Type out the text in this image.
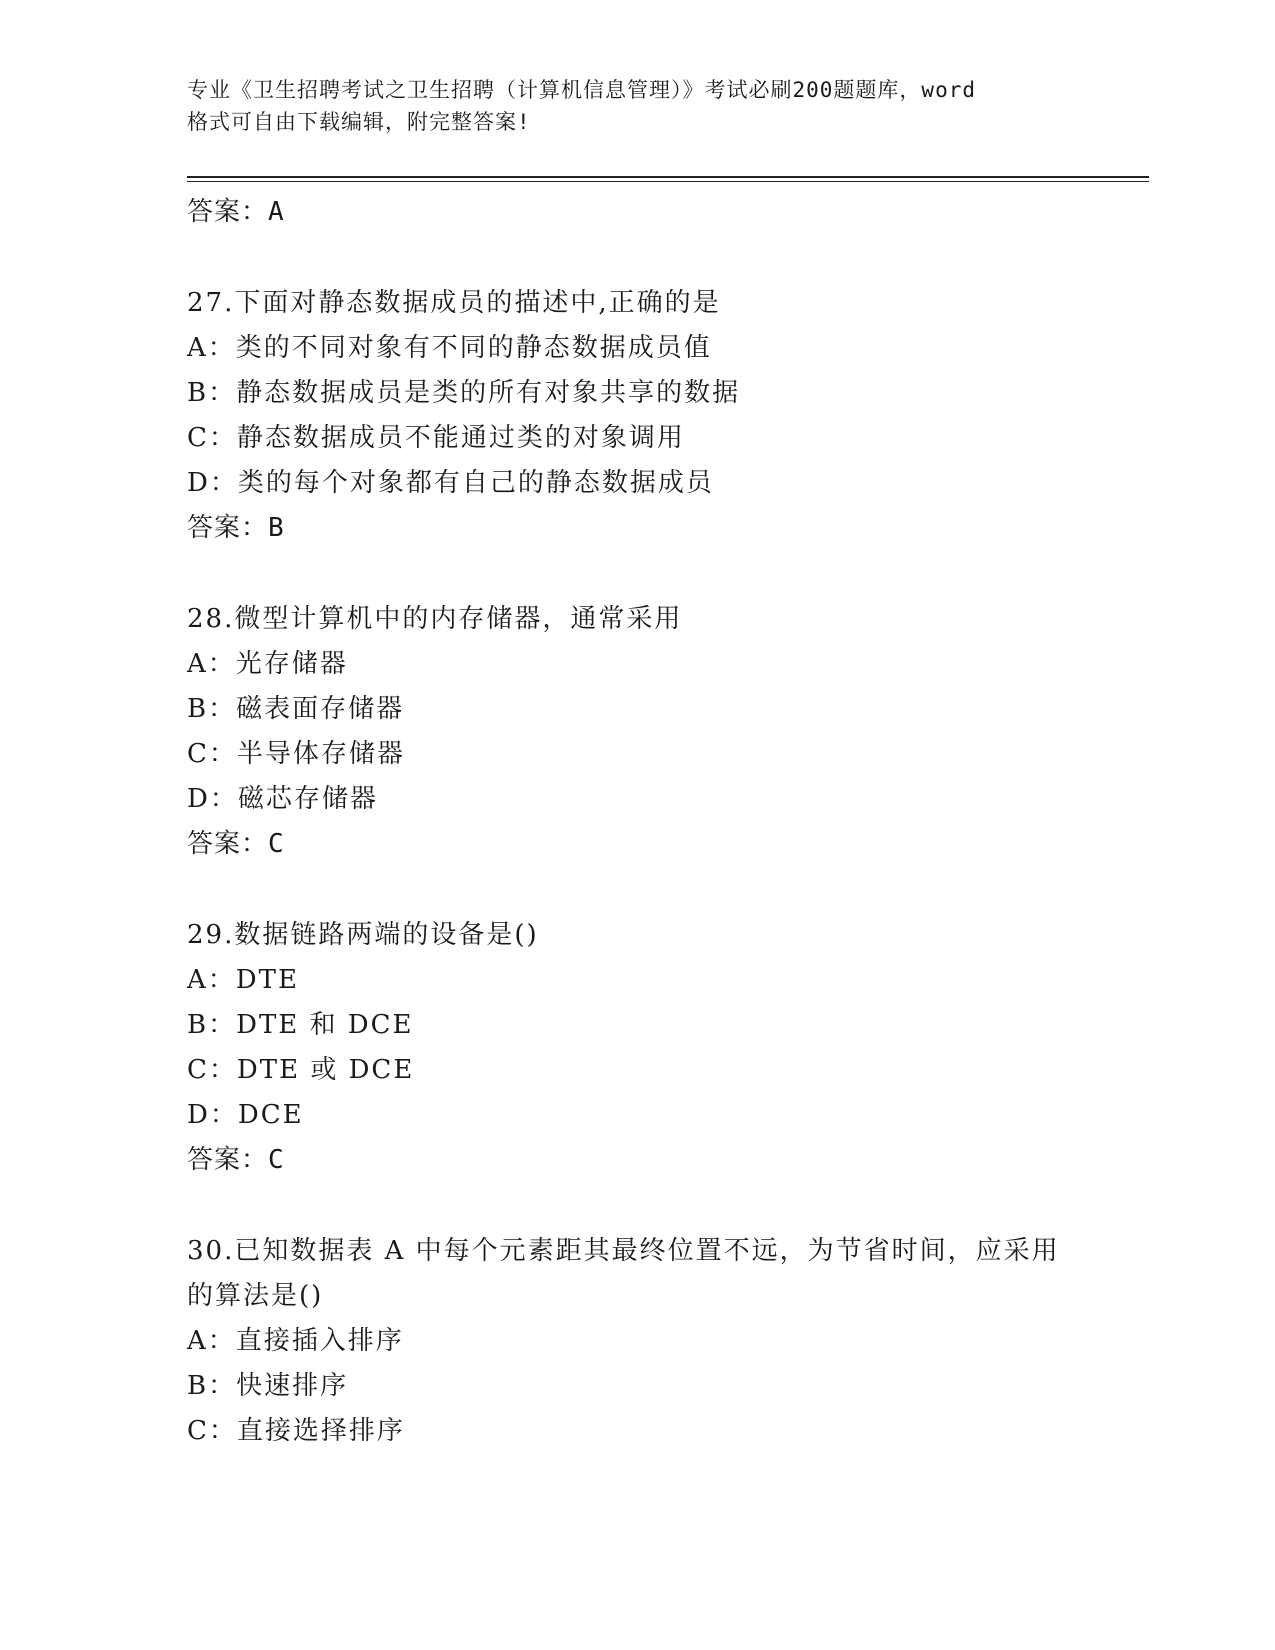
专业《卫生招聘考试之卫生招聘（计算机信息管理）》考试必刷200题题库，word
格式可自由下载编辑，附完整答案!
答案：A
27.下面对静态数据成员的描述中,正确的是
A：类的不同对象有不同的静态数据成员值
B：静态数据成员是类的所有对象共享的数据
C：静态数据成员不能通过类的对象调用
D：类的每个对象都有自己的静态数据成员
答案：B
28.微型计算机中的内存储器，通常采用
A：光存储器
B：磁表面存储器
C：半导体存储器
D：磁芯存储器
答案：C
29.数据链路两端的设备是()
A：DTE
B：DTE 和 DCE
C：DTE 或 DCE
D：DCE
答案：C
30.已知数据表 A 中每个元素距其最终位置不远，为节省时间，应采用
的算法是()
A：直接插入排序
B：快速排序
C：直接选择排序
